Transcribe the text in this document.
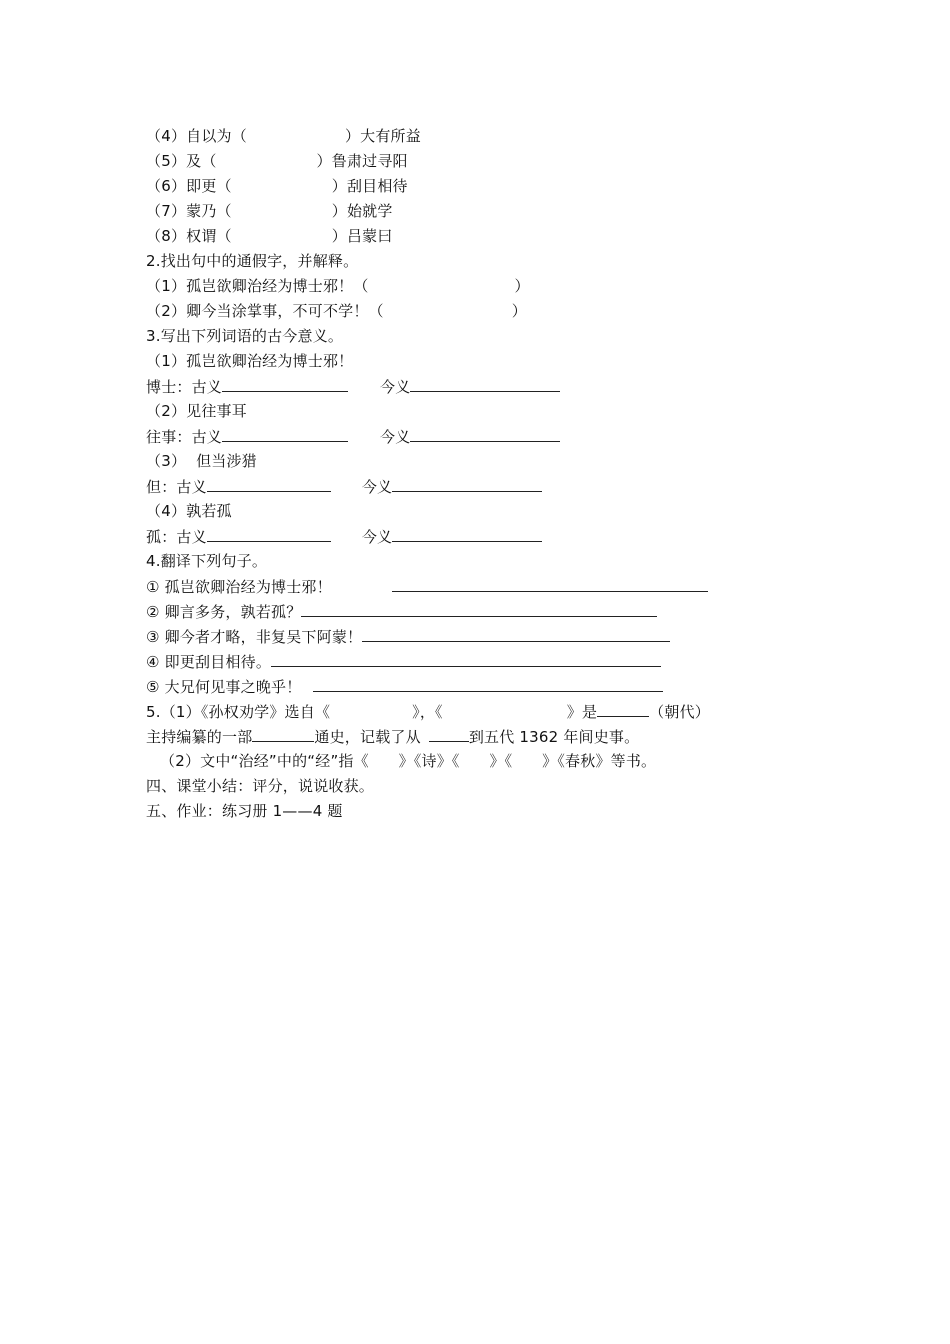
（4）自以为（	）大有所益
（5）及（	）鲁肃过寻阳
（6）即更（	）刮目相待
（7）蒙乃（	）始就学
（8）权谓（	）吕蒙曰
2.找出句中的通假字，并解释。
（1）孤岂欲卿治经为博士邪！（	）
（2）卿今当涂掌事，不可不学！（	）
3.写出下列词语的古今意义。
（1）孤岂欲卿治经为博士邪！
博士：古义	今义
（2）见往事耳
往事：古义	今义
（3）  但当涉猎
但：古义	今义
（4）孰若孤
孤：古义	今义
4.翻译下列句子。
① 孤岂欲卿治经为博士邪！
② 卿言多务，孰若孤？
③ 卿今者才略，非复吴下阿蒙！
④ 即更刮目相待。
⑤ 大兄何见事之晚乎！
5.（1）《孙权劝学》选自《	》，《	》是	（朝代）
主持编纂的一部	通史，记载了从	到五代 1362 年间史事。
（2）文中“治经”中的“经”指《      》《诗》《      》《      》《春秋》等书。
四、课堂小结：评分，说说收获。
五、作业：练习册 1——4 题
